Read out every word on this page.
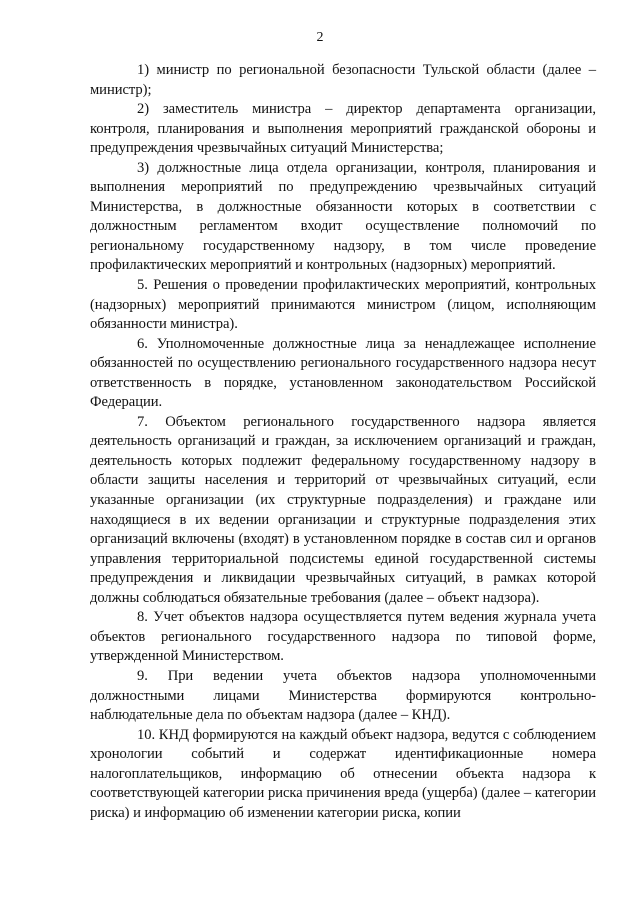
2

1) министр по региональной безопасности Тульской области (далее – министр);

2) заместитель министра – директор департамента организации, контроля, планирования и выполнения мероприятий гражданской обороны и предупреждения чрезвычайных ситуаций Министерства;

3) должностные лица отдела организации, контроля, планирования и выполнения мероприятий по предупреждению чрезвычайных ситуаций Министерства, в должностные обязанности которых в соответствии с должностным регламентом входит осуществление полномочий по региональному государственному надзору, в том числе проведение профилактических мероприятий и контрольных (надзорных) мероприятий.

5. Решения о проведении профилактических мероприятий, контрольных (надзорных) мероприятий принимаются министром (лицом, исполняющим обязанности министра).

6. Уполномоченные должностные лица за ненадлежащее исполнение обязанностей по осуществлению регионального государственного надзора несут ответственность в порядке, установленном законодательством Российской Федерации.

7. Объектом регионального государственного надзора является деятельность организаций и граждан, за исключением организаций и граждан, деятельность которых подлежит федеральному государственному надзору в области защиты населения и территорий от чрезвычайных ситуаций, если указанные организации (их структурные подразделения) и граждане или находящиеся в их ведении организации и структурные подразделения этих организаций включены (входят) в установленном порядке в состав сил и органов управления территориальной подсистемы единой государственной системы предупреждения и ликвидации чрезвычайных ситуаций, в рамках которой должны соблюдаться обязательные требования (далее – объект надзора).

8. Учет объектов надзора осуществляется путем ведения журнала учета объектов регионального государственного надзора по типовой форме, утвержденной Министерством.

9. При ведении учета объектов надзора уполномоченными должностными лицами Министерства формируются контрольно-наблюдательные дела по объектам надзора (далее – КНД).

10. КНД формируются на каждый объект надзора, ведутся с соблюдением хронологии событий и содержат идентификационные номера налогоплательщиков, информацию об отнесении объекта надзора к соответствующей категории риска причинения вреда (ущерба) (далее – категории риска) и информацию об изменении категории риска, копии
